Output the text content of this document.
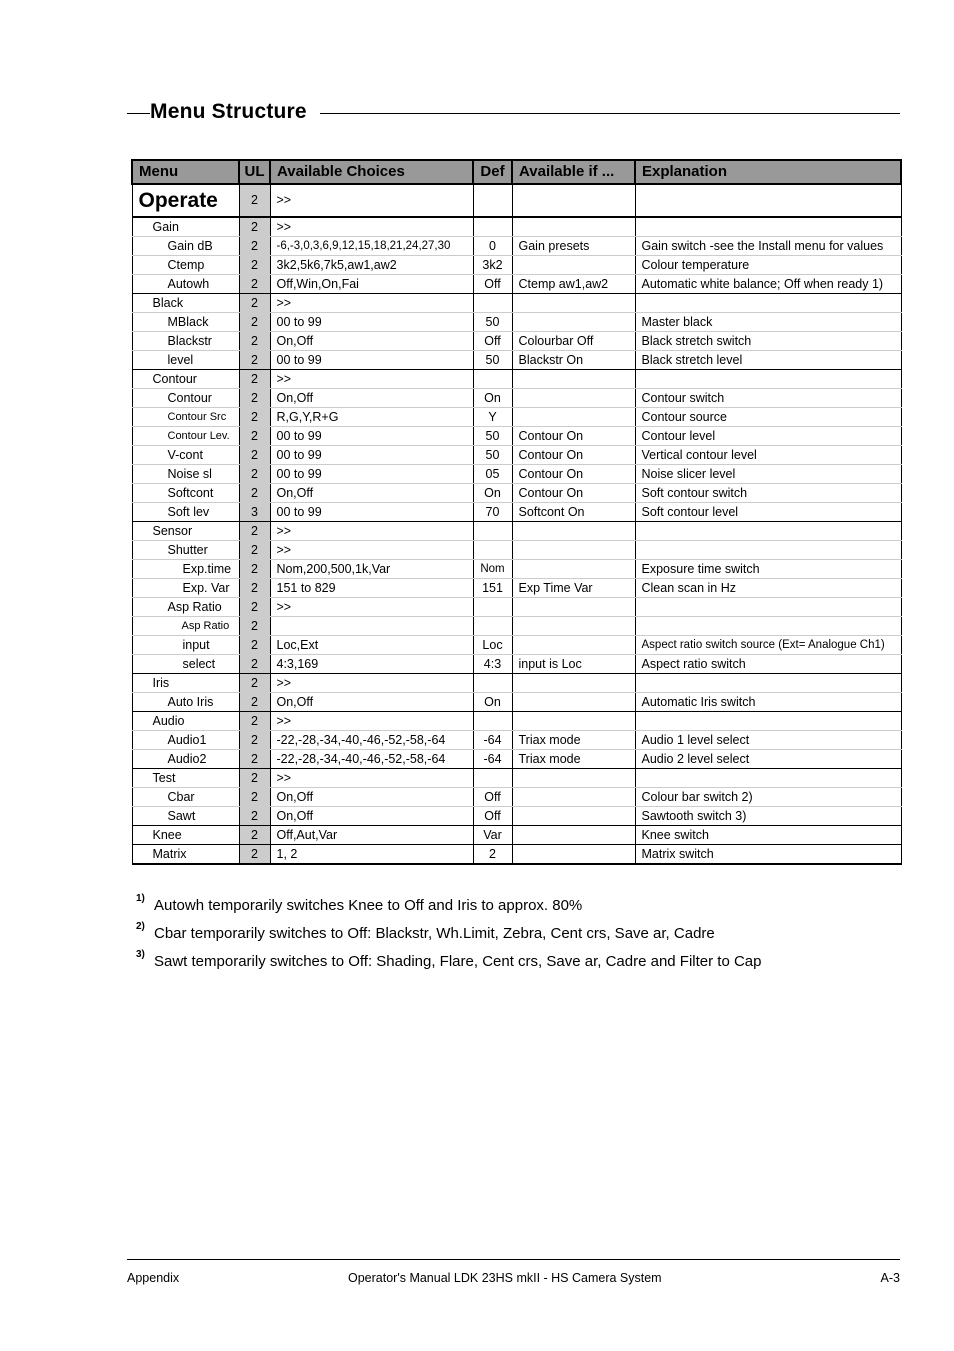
Menu Structure
Menu	UL	Available Choices	Def	Available if ...	Explanation
Operate	2	>>			
Gain	2	>>			
Gain dB	2	-6,-3,0,3,6,9,12,15,18,21,24,27,30	0	Gain presets	Gain switch -see the Install menu for values
Ctemp	2	3k2,5k6,7k5,aw1,aw2	3k2		Colour temperature
Autowh	2	Off,Win,On,Fai	Off	Ctemp aw1,aw2	Automatic white balance; Off when ready 1)
Black	2	>>			
MBlack	2	00 to 99	50		Master black
Blackstr	2	On,Off	Off	Colourbar Off	Black stretch switch
level	2	00 to 99	50	Blackstr On	Black stretch level
Contour	2	>>			
Contour	2	On,Off	On		Contour switch
Contour Src	2	R,G,Y,R+G	Y		Contour source
Contour Lev.	2	00 to 99	50	Contour On	Contour level
V-cont	2	00 to 99	50	Contour On	Vertical contour level
Noise sl	2	00 to 99	05	Contour On	Noise slicer level
Softcont	2	On,Off	On	Contour On	Soft contour switch
Soft lev	3	00 to 99	70	Softcont On	Soft contour level
Sensor	2	>>			
Shutter	2	>>			
Exp.time	2	Nom,200,500,1k,Var	Nom		Exposure time switch
Exp. Var	2	151 to 829	151	Exp Time Var	Clean scan in Hz
Asp Ratio	2	>>			
Asp Ratio	2				
input	2	Loc,Ext	Loc		Aspect ratio switch source (Ext= Analogue Ch1)
select	2	4:3,169	4:3	input is Loc	Aspect ratio switch
Iris	2	>>			
Auto Iris	2	On,Off	On		Automatic Iris switch
Audio	2	>>			
Audio1	2	-22,-28,-34,-40,-46,-52,-58,-64	-64	Triax mode	Audio 1 level select
Audio2	2	-22,-28,-34,-40,-46,-52,-58,-64	-64	Triax mode	Audio 2 level select
Test	2	>>			
Cbar	2	On,Off	Off		Colour bar switch 2)
Sawt	2	On,Off	Off		Sawtooth switch 3)
Knee	2	Off,Aut,Var	Var		Knee switch
Matrix	2	1, 2	2		Matrix switch
1) Autowh temporarily switches Knee to Off and Iris to approx. 80%
2) Cbar temporarily switches to Off: Blackstr, Wh.Limit, Zebra, Cent crs, Save ar, Cadre
3) Sawt temporarily switches to Off: Shading, Flare, Cent crs, Save ar, Cadre and Filter to Cap
Appendix	Operator's Manual LDK 23HS mkII - HS Camera System	A-3
